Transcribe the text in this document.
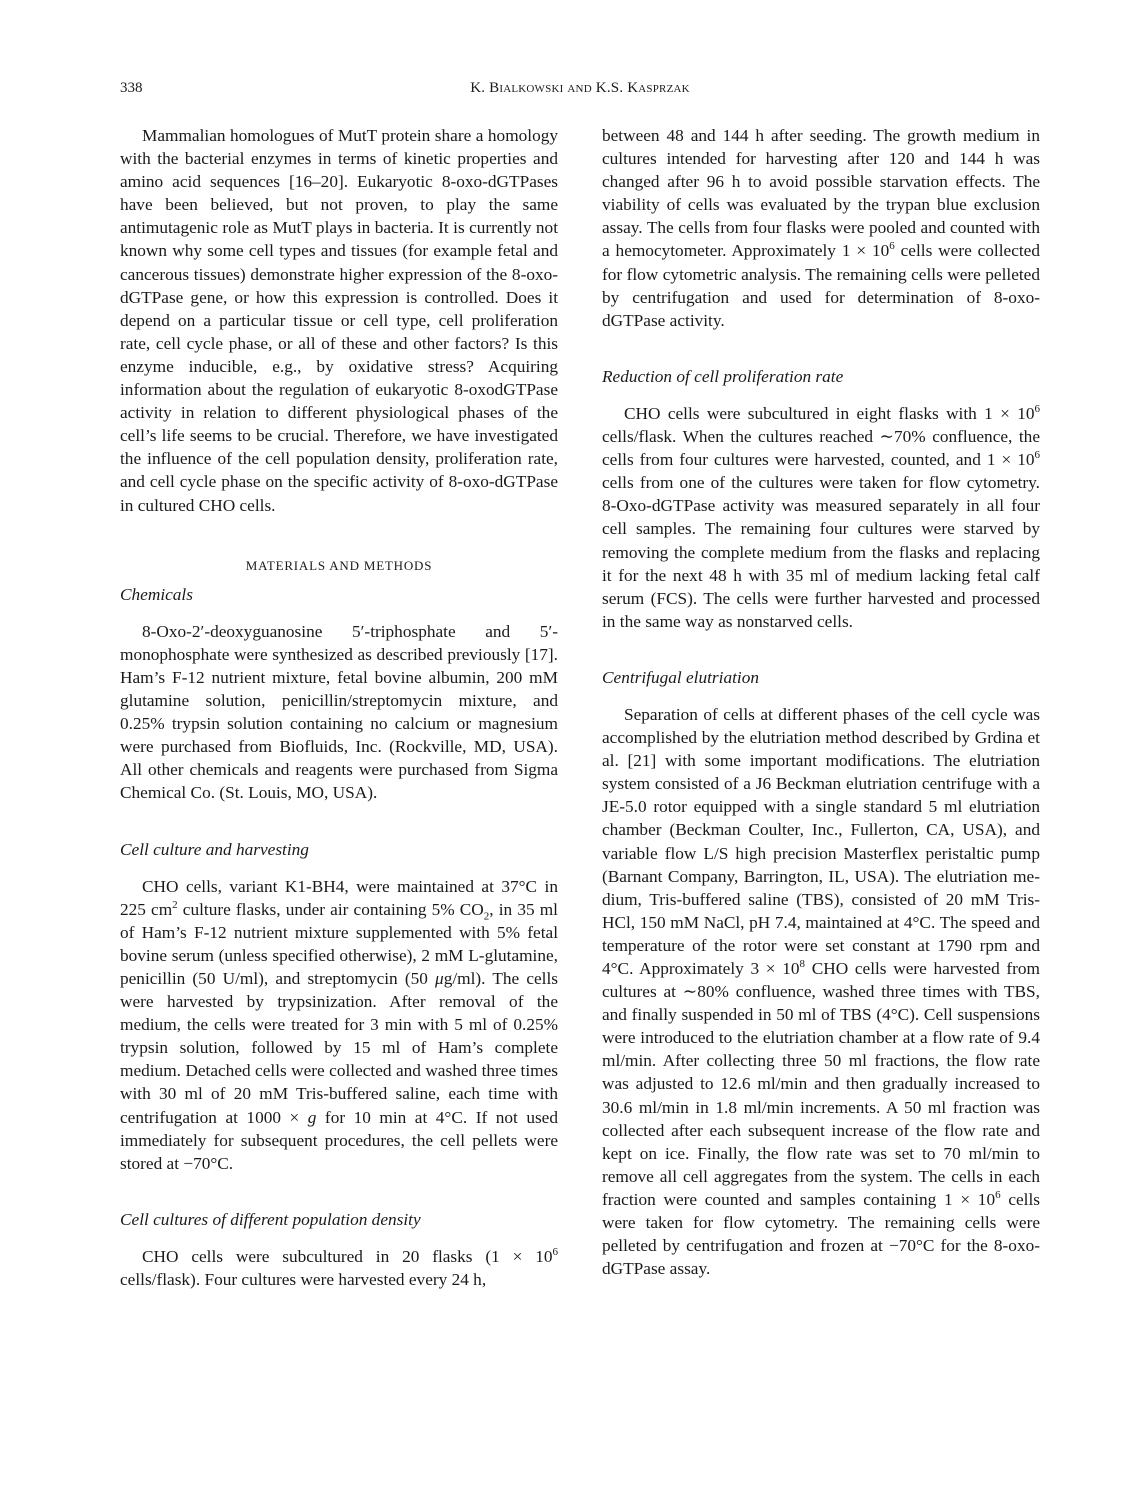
338	K. Bialkowski and K.S. Kasprzak

Mammalian homologues of MutT protein share a homology with the bacterial enzymes in terms of kinetic properties and amino acid sequences [16–20]. Eukaryotic 8-oxo-dGTPases have been believed, but not proven, to play the same antimutagenic role as MutT plays in bacteria. It is currently not known why some cell types and tissues (for example fetal and cancerous tissues) demonstrate higher expression of the 8-oxo-dGTPase gene, or how this expression is controlled. Does it depend on a particular tissue or cell type, cell proliferation rate, cell cycle phase, or all of these and other factors? Is this enzyme inducible, e.g., by oxidative stress? Acquiring information about the regulation of eukaryotic 8-oxodGTPase activity in relation to different physiological phases of the cell’s life seems to be crucial. Therefore, we have investigated the influence of the cell population density, proliferation rate, and cell cycle phase on the specific activity of 8-oxo-dGTPase in cultured CHO cells.

MATERIALS AND METHODS
Chemicals

8-Oxo-2′-deoxyguanosine 5′-triphosphate and 5′-monophosphate were synthesized as described previously [17]. Ham’s F-12 nutrient mixture, fetal bovine albumin, 200 mM glutamine solution, penicillin/streptomycin mixture, and 0.25% trypsin solution containing no calcium or magnesium were purchased from Biofluids, Inc. (Rockville, MD, USA). All other chemicals and reagents were purchased from Sigma Chemical Co. (St. Louis, MO, USA).

Cell culture and harvesting

CHO cells, variant K1-BH4, were maintained at 37°C in 225 $cm^2$ culture flasks, under air containing 5% $CO_2$, in 35 ml of Ham’s F-12 nutrient mixture supplemented with 5% fetal bovine serum (unless specified otherwise), 2 mM L-glutamine, penicillin (50 U/ml), and streptomycin (50 μg/ml). The cells were harvested by trypsinization. After removal of the medium, the cells were treated for 3 min with 5 ml of 0.25% trypsin solution, followed by 15 ml of Ham’s complete medium. Detached cells were collected and washed three times with 30 ml of 20 mM Tris-buffered saline, each time with centrifugation at 1000 × g for 10 min at 4°C. If not used immediately for subsequent procedures, the cell pellets were stored at −70°C.

Cell cultures of different population density

CHO cells were subcultured in 20 flasks ($1 \times 10^6$ cells/flask). Four cultures were harvested every 24 h,

between 48 and 144 h after seeding. The growth medium in cultures intended for harvesting after 120 and 144 h was changed after 96 h to avoid possible starvation effects. The viability of cells was evaluated by the trypan blue exclusion assay. The cells from four flasks were pooled and counted with a hemocytometer. Approximately $1 \times 10^6$ cells were collected for flow cytometric analysis. The remaining cells were pelleted by centrifugation and used for determination of 8-oxo-dGTPase activity.

Reduction of cell proliferation rate

CHO cells were subcultured in eight flasks with $1 \times 10^6$ cells/flask. When the cultures reached ∼70% confluence, the cells from four cultures were harvested, counted, and $1 \times 10^6$ cells from one of the cultures were taken for flow cytometry. 8-Oxo-dGTPase activity was measured separately in all four cell samples. The remaining four cultures were starved by removing the complete medium from the flasks and replacing it for the next 48 h with 35 ml of medium lacking fetal calf serum (FCS). The cells were further harvested and processed in the same way as nonstarved cells.

Centrifugal elutriation

Separation of cells at different phases of the cell cycle was accomplished by the elutriation method described by Grdina et al. [21] with some important modifications. The elutriation system consisted of a J6 Beckman elutriation centrifuge with a JE-5.0 rotor equipped with a single standard 5 ml elutriation chamber (Beckman Coulter, Inc., Fullerton, CA, USA), and variable flow L/S high precision Masterflex peristaltic pump (Barnant Company, Barrington, IL, USA). The elutriation medium, Tris-buffered saline (TBS), consisted of 20 mM Tris-HCl, 150 mM NaCl, pH 7.4, maintained at 4°C. The speed and temperature of the rotor were set constant at 1790 rpm and 4°C. Approximately $3 \times 10^8$ CHO cells were harvested from cultures at ∼80% confluence, washed three times with TBS, and finally suspended in 50 ml of TBS (4°C). Cell suspensions were introduced to the elutriation chamber at a flow rate of 9.4 ml/min. After collecting three 50 ml fractions, the flow rate was adjusted to 12.6 ml/min and then gradually increased to 30.6 ml/min in 1.8 ml/min increments. A 50 ml fraction was collected after each subsequent increase of the flow rate and kept on ice. Finally, the flow rate was set to 70 ml/min to remove all cell aggregates from the system. The cells in each fraction were counted and samples containing $1 \times 10^6$ cells were taken for flow cytometry. The remaining cells were pelleted by centrifugation and frozen at −70°C for the 8-oxo-dGTPase assay.
